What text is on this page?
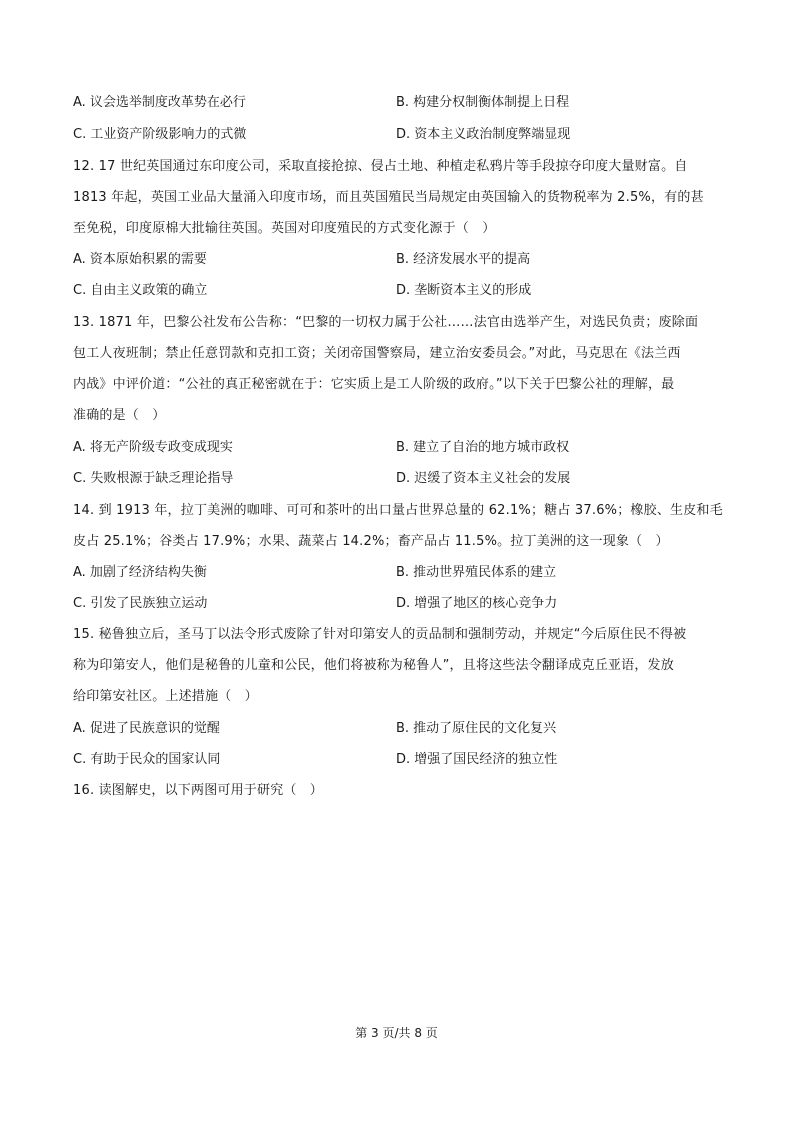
A. 议会选举制度改革势在必行	B. 构建分权制衡体制提上日程
C. 工业资产阶级影响力的式微	D. 资本主义政治制度弊端显现
12. 17 世纪英国通过东印度公司，采取直接抢掠、侵占土地、种植走私鸦片等手段掠夺印度大量财富。自
1813 年起，英国工业品大量涌入印度市场，而且英国殖民当局规定由英国输入的货物税率为 2.5%，有的甚
至免税，印度原棉大批输往英国。英国对印度殖民的方式变化源于（　）
A. 资本原始积累的需要	B. 经济发展水平的提高
C. 自由主义政策的确立	D. 垄断资本主义的形成
13. 1871 年，巴黎公社发布公告称：“巴黎的一切权力属于公社……法官由选举产生，对选民负责；废除面
包工人夜班制；禁止任意罚款和克扣工资；关闭帝国警察局，建立治安委员会。”对此，马克思在《法兰西
内战》中评价道：“公社的真正秘密就在于：它实质上是工人阶级的政府。”以下关于巴黎公社的理解，最
准确的是（　）
A. 将无产阶级专政变成现实	B. 建立了自治的地方城市政权
C. 失败根源于缺乏理论指导	D. 迟缓了资本主义社会的发展
14. 到 1913 年，拉丁美洲的咖啡、可可和茶叶的出口量占世界总量的 62.1%；糖占 37.6%；橡胶、生皮和毛
皮占 25.1%；谷类占 17.9%；水果、蔬菜占 14.2%；畜产品占 11.5%。拉丁美洲的这一现象（　）
A. 加剧了经济结构失衡	B. 推动世界殖民体系的建立
C. 引发了民族独立运动	D. 增强了地区的核心竞争力
15. 秘鲁独立后，圣马丁以法令形式废除了针对印第安人的贡品制和强制劳动，并规定“今后原住民不得被
称为印第安人，他们是秘鲁的儿童和公民，他们将被称为秘鲁人”，且将这些法令翻译成克丘亚语，发放
给印第安社区。上述措施（　）
A. 促进了民族意识的觉醒	B. 推动了原住民的文化复兴
C. 有助于民众的国家认同	D. 增强了国民经济的独立性
16. 读图解史，以下两图可用于研究（　）
第 3 页/共 8 页
